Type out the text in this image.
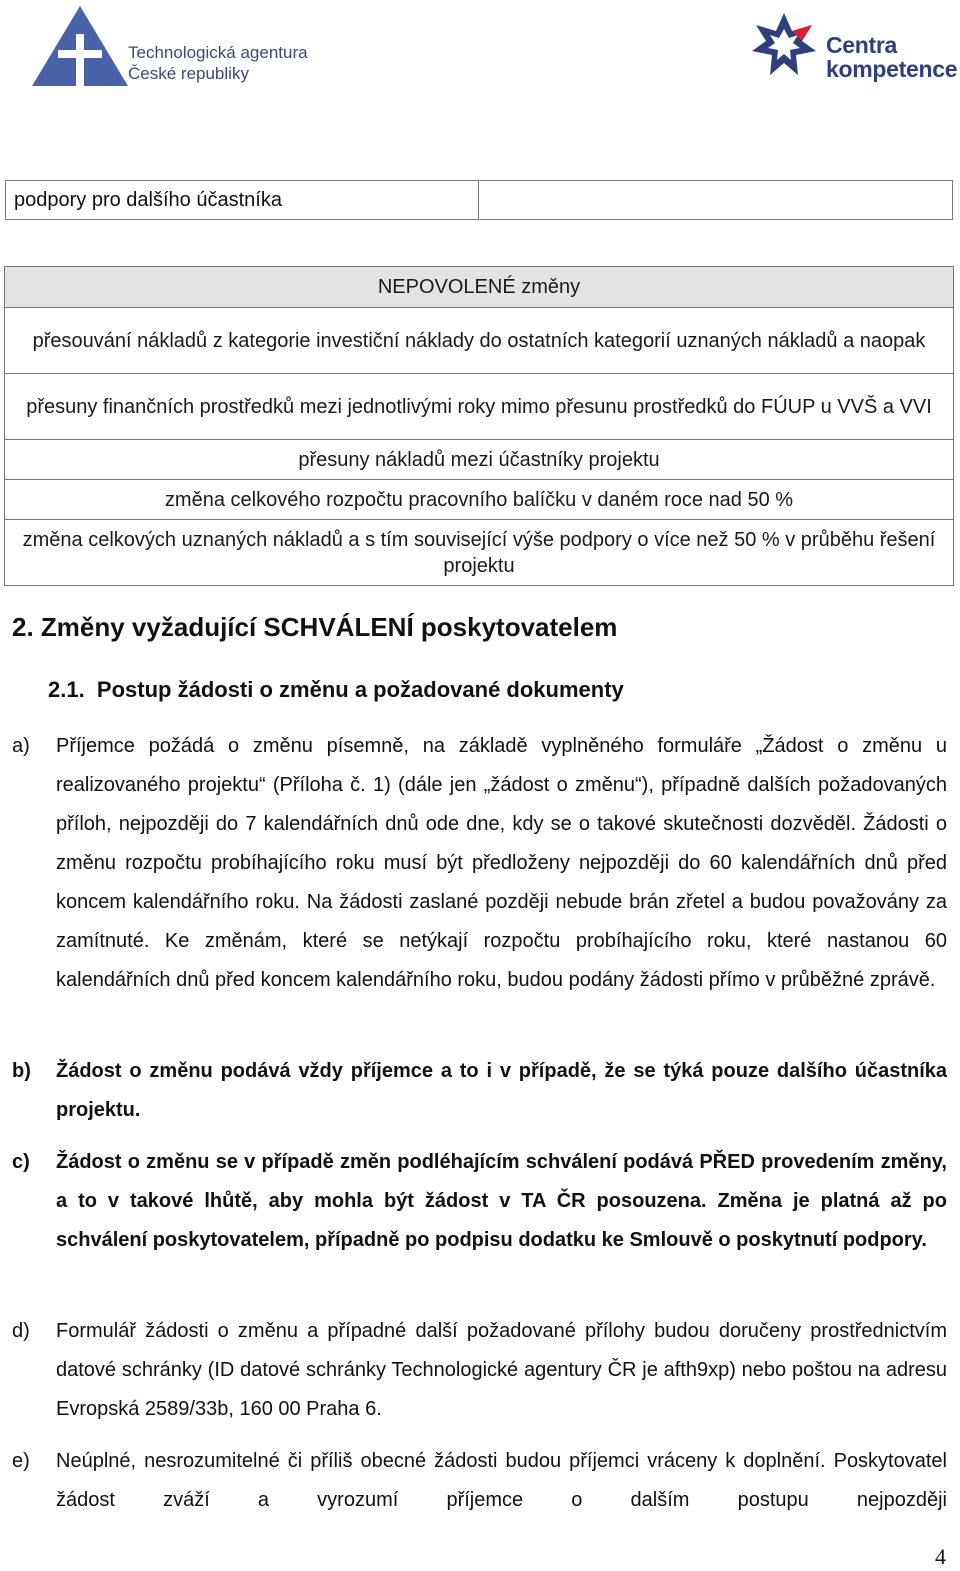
Technologická agentura
České republiky
Centra
kompetence
podpory pro dalšího účastníka	
NEPOVOLENÉ změny
přesouvání nákladů z kategorie investiční náklady do ostatních kategorií uznaných nákladů a naopak
přesuny finančních prostředků mezi jednotlivými roky mimo přesunu prostředků do FÚUP u VVŠ a VVI
přesuny nákladů mezi účastníky projektu
změna celkového rozpočtu pracovního balíčku v daném roce nad 50 %
změna celkových uznaných nákladů a s tím související výše podpory o více než 50 % v průběhu řešení projektu
2. Změny vyžadující SCHVÁLENÍ poskytovatelem
2.1.  Postup žádosti o změnu a požadované dokumenty
a)	Příjemce požádá o změnu písemně, na základě vyplněného formuláře „Žádost o změnu u realizovaného projektu“ (Příloha č. 1) (dále jen „žádost o změnu“), případně dalších požadovaných příloh, nejpozději do 7 kalendářních dnů ode dne, kdy se o takové skutečnosti dozvěděl. Žádosti o změnu rozpočtu probíhajícího roku musí být předloženy nejpozději do 60 kalendářních dnů před koncem kalendářního roku. Na žádosti zaslané později nebude brán zřetel a budou považovány za zamítnuté. Ke změnám, které se netýkají rozpočtu probíhajícího roku, které nastanou 60 kalendářních dnů před koncem kalendářního roku, budou podány žádosti přímo v průběžné zprávě.
b)	Žádost o změnu podává vždy příjemce a to i v případě, že se týká pouze dalšího účastníka projektu.
c)	Žádost o změnu se v případě změn podléhajícím schválení podává PŘED provedením změny, a to v takové lhůtě, aby mohla být žádost v TA ČR posouzena. Změna je platná až po schválení poskytovatelem, případně po podpisu dodatku ke Smlouvě o poskytnutí podpory.
d)	Formulář žádosti o změnu a případné další požadované přílohy budou doručeny prostřednictvím datové schránky (ID datové schránky Technologické agentury ČR je afth9xp) nebo poštou na adresu Evropská 2589/33b, 160 00 Praha 6.
e)	Neúplné, nesrozumitelné či příliš obecné žádosti budou příjemci vráceny k doplnění. Poskytovatel žádost zváží a vyrozumí příjemce o dalším postupu nejpozději
4
